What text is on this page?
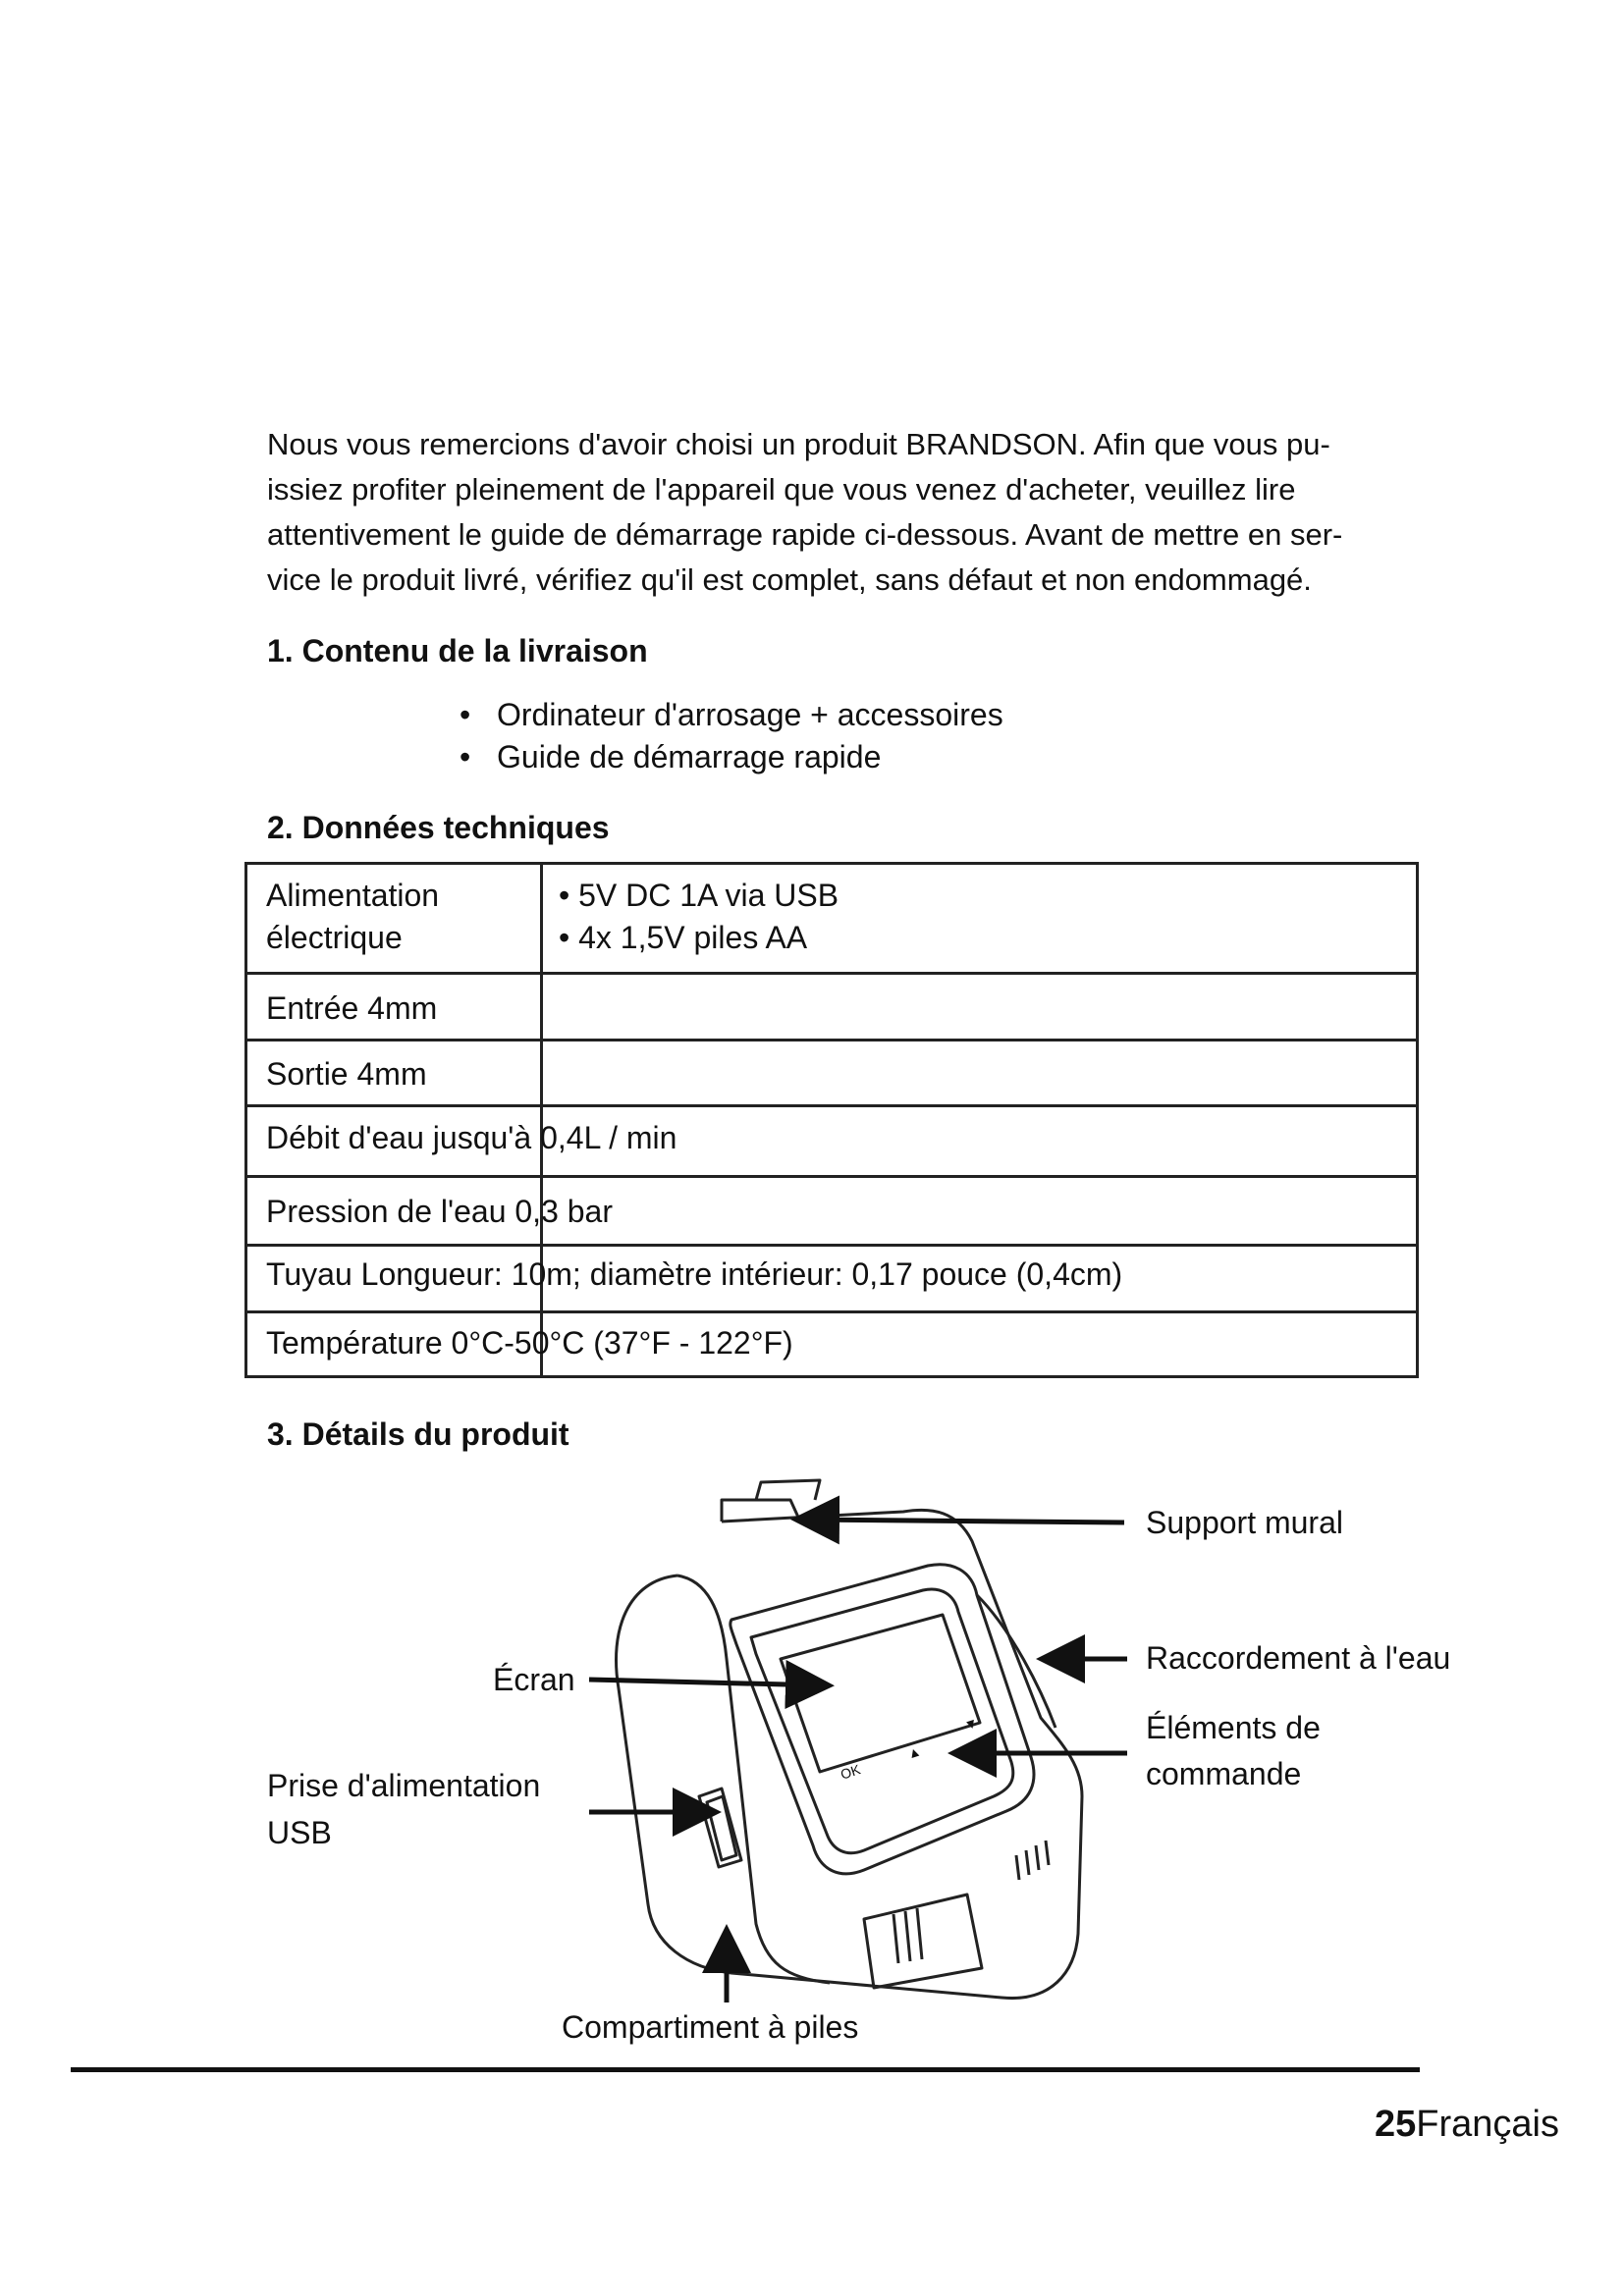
Nous vous remercions d'avoir choisi un produit BRANDSON. Afin que vous pu-
issiez profiter pleinement de l'appareil que vous venez d'acheter, veuillez lire
attentivement le guide de démarrage rapide ci-dessous. Avant de mettre en ser-
vice le produit livré, vérifiez qu'il est complet, sans défaut et non endommagé.

1. Contenu de la livraison
• Ordinateur d'arrosage + accessoires
• Guide de démarrage rapide
2. Données techniques
Alimentation
électrique
• 5V DC 1A via USB
• 4x 1,5V piles AA
Entrée 4mm
Sortie 4mm
Débit d'eau jusqu'à 0,4L / min
Pression de l'eau 0,3 bar
Tuyau Longueur: 10m; diamètre intérieur: 0,17 pouce (0,4cm)
Température 0°C-50°C (37°F - 122°F)
3. Détails du produit
OK
▲
▼
Support mural
Raccordement à l'eau
Éléments de
commande
Écran
Prise d'alimentation
USB
Compartiment à piles
25Français
